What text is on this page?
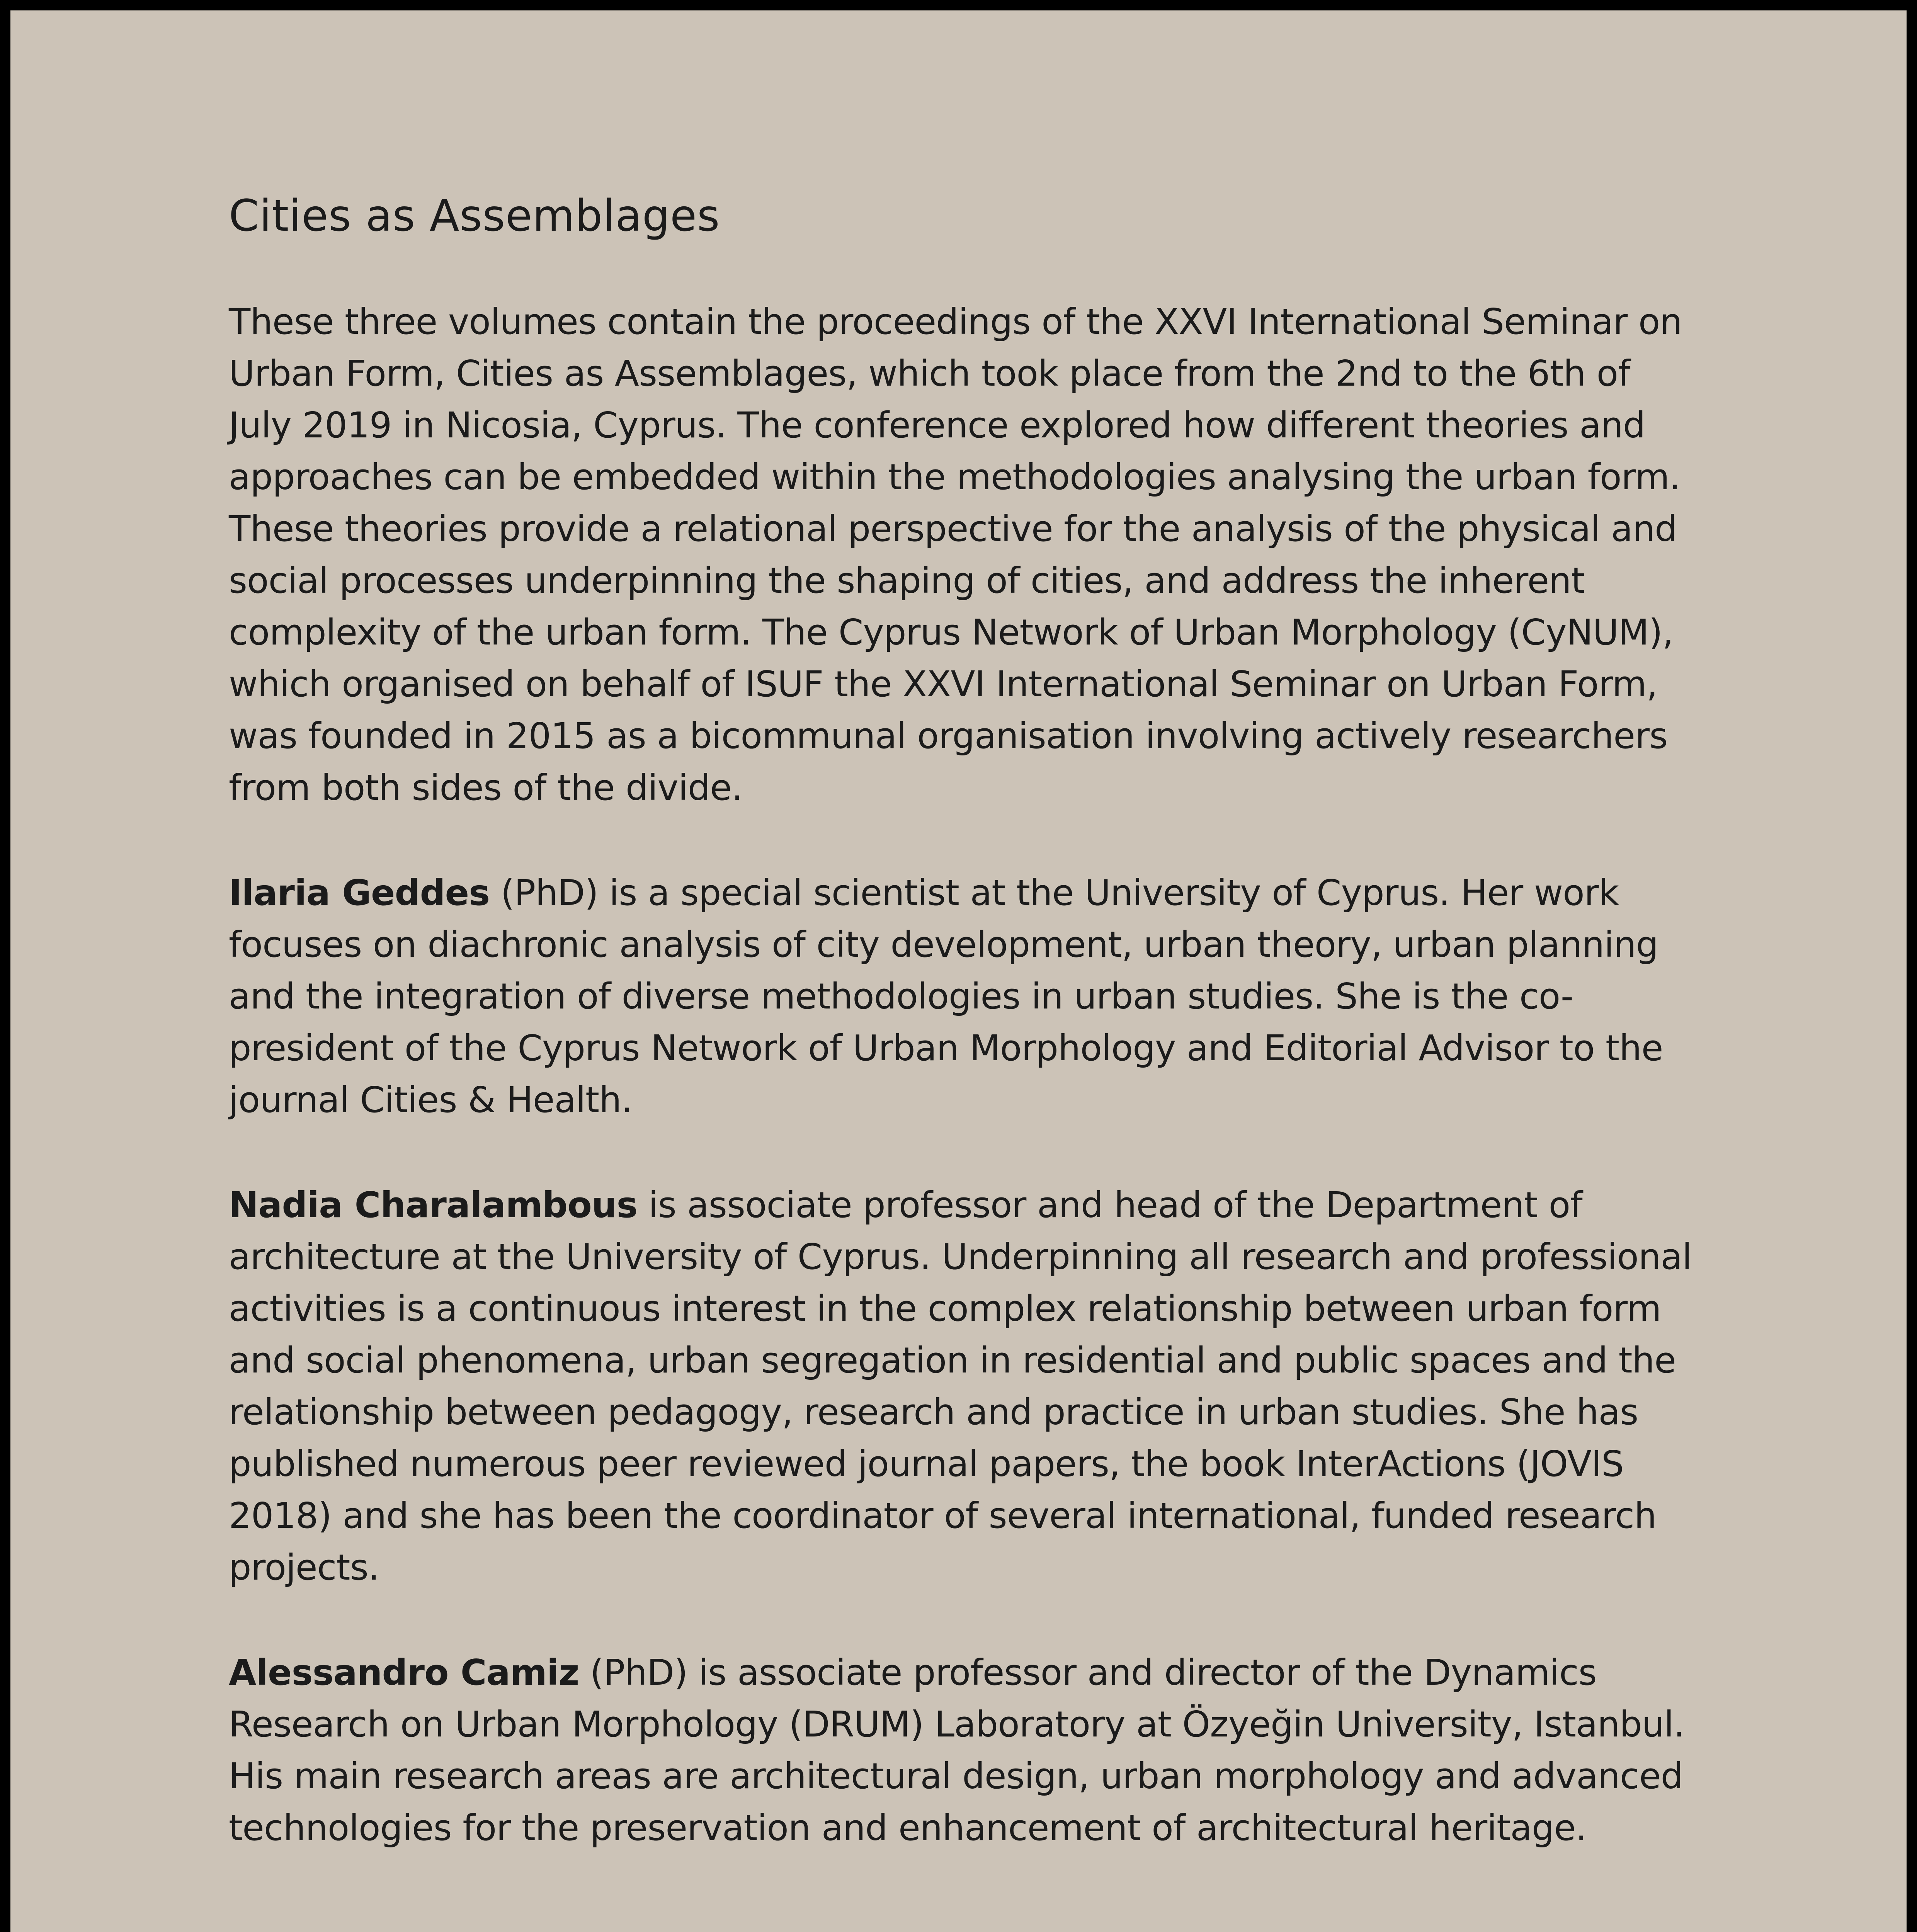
Cities as Assemblages

These three volumes contain the proceedings of the XXVI International Seminar on Urban Form, Cities as Assemblages, which took place from the 2nd to the 6th of July 2019 in Nicosia, Cyprus. The conference explored how different theories and approaches can be embedded within the methodologies analysing the urban form. These theories provide a relational perspective for the analysis of the physical and social processes underpinning the shaping of cities, and address the inherent complexity of the urban form. The Cyprus Network of Urban Morphology (CyNUM), which organised on behalf of ISUF the XXVI International Seminar on Urban Form, was founded in 2015 as a bicommunal organisation involving actively researchers from both sides of the divide.

Ilaria Geddes (PhD) is a special scientist at the University of Cyprus. Her work focuses on diachronic analysis of city development, urban theory, urban planning and the integration of diverse methodologies in urban studies. She is the co-president of the Cyprus Network of Urban Morphology and Editorial Advisor to the journal Cities & Health.

Nadia Charalambous is associate professor and head of the Department of architecture at the University of Cyprus. Underpinning all research and professional activities is a continuous interest in the complex relationship between urban form and social phenomena, urban segregation in residential and public spaces and the relationship between pedagogy, research and practice in urban studies. She has published numerous peer reviewed journal papers, the book InterActions (JOVIS 2018) and she has been the coordinator of several international, funded research projects.

Alessandro Camiz (PhD) is associate professor and director of the Dynamics Research on Urban Morphology (DRUM) Laboratory at Özyeğin University, Istanbul. His main research areas are architectural design, urban morphology and advanced technologies for the preservation and enhancement of architectural heritage.
